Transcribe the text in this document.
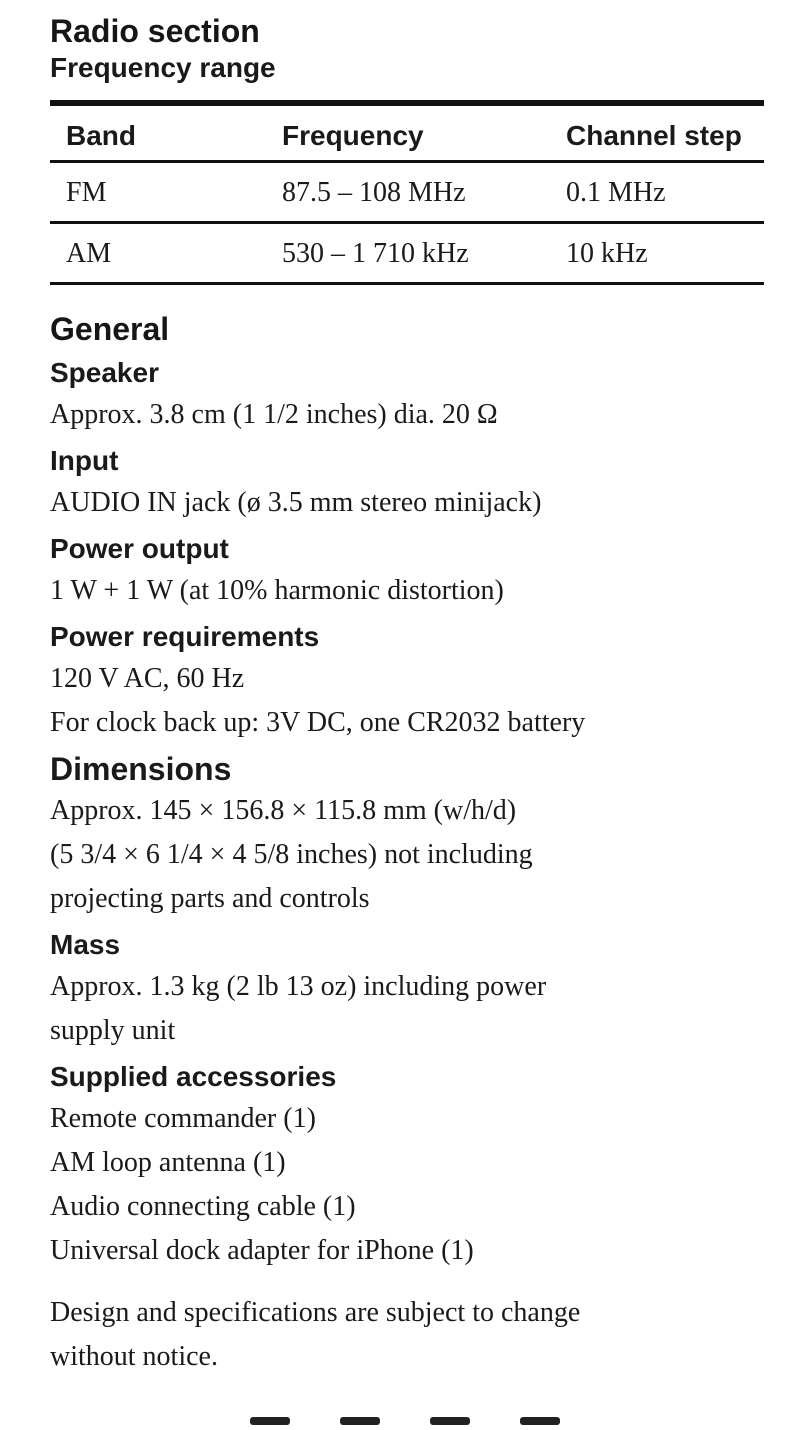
Radio section
Frequency range
Band	Frequency	Channel step
FM	87.5 – 108 MHz	0.1 MHz
AM	530 – 1 710 kHz	10 kHz
General
Speaker

Approx. 3.8 cm (1 1/2 inches) dia. 20 Ω

Input

AUDIO IN jack (ø 3.5 mm stereo minijack)

Power output

1 W + 1 W (at 10% harmonic distortion)

Power requirements

120 V AC, 60 Hz

For clock back up: 3V DC, one CR2032 battery

Dimensions

Approx. 145 × 156.8 × 115.8 mm (w/h/d)

(5 3/4 × 6 1/4 × 4 5/8 inches) not including

projecting parts and controls

Mass

Approx. 1.3 kg (2 lb 13 oz) including power

supply unit

Supplied accessories

Remote commander (1)

AM loop antenna (1)

Audio connecting cable (1)

Universal dock adapter for iPhone (1)

Design and specifications are subject to change

without notice.
